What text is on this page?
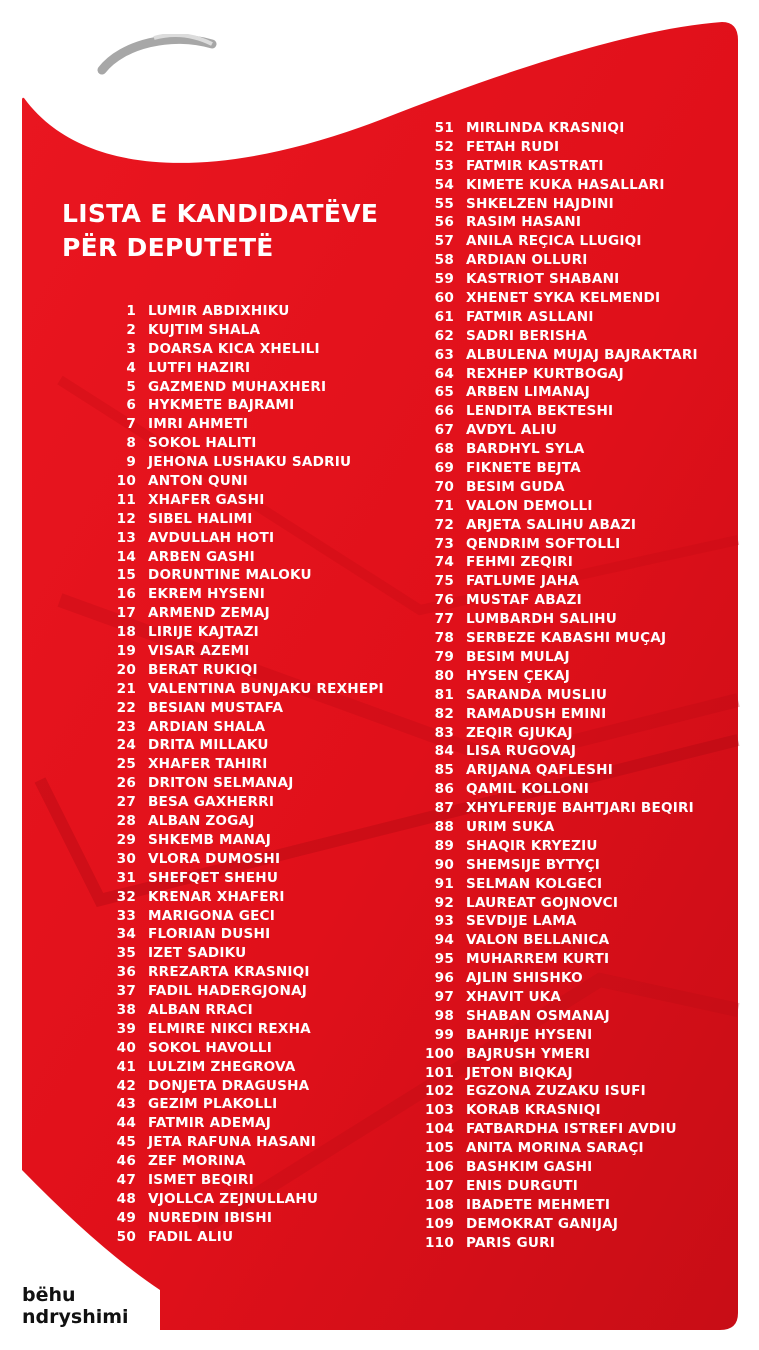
LDK
LISTA E KANDIDATËVE
PËR DEPUTETË
1 LUMIR ABDIXHIKU
2 KUJTIM SHALA
3 DOARSA KICA XHELILI
4 LUTFI HAZIRI
5 GAZMEND MUHAXHERI
6 HYKMETE BAJRAMI
7 IMRI AHMETI
8 SOKOL HALITI
9 JEHONA LUSHAKU SADRIU
10 ANTON QUNI
11 XHAFER GASHI
12 SIBEL HALIMI
13 AVDULLAH HOTI
14 ARBEN GASHI
15 DORUNTINE MALOKU
16 EKREM HYSENI
17 ARMEND ZEMAJ
18 LIRIJE KAJTAZI
19 VISAR AZEMI
20 BERAT RUKIQI
21 VALENTINA BUNJAKU REXHEPI
22 BESIAN MUSTAFA
23 ARDIAN SHALA
24 DRITA MILLAKU
25 XHAFER TAHIRI
26 DRITON SELMANAJ
27 BESA GAXHERRI
28 ALBAN ZOGAJ
29 SHKEMB MANAJ
30 VLORA DUMOSHI
31 SHEFQET SHEHU
32 KRENAR XHAFERI
33 MARIGONA GECI
34 FLORIAN DUSHI
35 IZET SADIKU
36 RREZARTA KRASNIQI
37 FADIL HADERGJONAJ
38 ALBAN RRACI
39 ELMIRE NIKCI REXHA
40 SOKOL HAVOLLI
41 LULZIM ZHEGROVA
42 DONJETA DRAGUSHA
43 GEZIM PLAKOLLI
44 FATMIR ADEMAJ
45 JETA RAFUNA HASANI
46 ZEF MORINA
47 ISMET BEQIRI
48 VJOLLCA ZEJNULLAHU
49 NUREDIN IBISHI
50 FADIL ALIU
51 MIRLINDA KRASNIQI
52 FETAH RUDI
53 FATMIR KASTRATI
54 KIMETE KUKA HASALLARI
55 SHKELZEN HAJDINI
56 RASIM HASANI
57 ANILA REÇICA LLUGIQI
58 ARDIAN OLLURI
59 KASTRIOT SHABANI
60 XHENET SYKA KELMENDI
61 FATMIR ASLLANI
62 SADRI BERISHA
63 ALBULENA MUJAJ BAJRAKTARI
64 REXHEP KURTBOGAJ
65 ARBEN LIMANAJ
66 LENDITA BEKTESHI
67 AVDYL ALIU
68 BARDHYL SYLA
69 FIKNETE BEJTA
70 BESIM GUDA
71 VALON DEMOLLI
72 ARJETA SALIHU ABAZI
73 QENDRIM SOFTOLLI
74 FEHMI ZEQIRI
75 FATLUME JAHA
76 MUSTAF ABAZI
77 LUMBARDH SALIHU
78 SERBEZE KABASHI MUÇAJ
79 BESIM MULAJ
80 HYSEN ÇEKAJ
81 SARANDA MUSLIU
82 RAMADUSH EMINI
83 ZEQIR GJUKAJ
84 LISA RUGOVAJ
85 ARIJANA QAFLESHI
86 QAMIL KOLLONI
87 XHYLFERIJE BAHTJARI BEQIRI
88 URIM SUKA
89 SHAQIR KRYEZIU
90 SHEMSIJE BYTYÇI
91 SELMAN KOLGECI
92 LAUREAT GOJNOVCI
93 SEVDIJE LAMA
94 VALON BELLANICA
95 MUHARREM KURTI
96 AJLIN SHISHKO
97 XHAVIT UKA
98 SHABAN OSMANAJ
99 BAHRIJE HYSENI
100 BAJRUSH YMERI
101 JETON BIQKAJ
102 EGZONA ZUZAKU ISUFI
103 KORAB KRASNIQI
104 FATBARDHA ISTREFI AVDIU
105 ANITA MORINA SARAÇI
106 BASHKIM GASHI
107 ENIS DURGUTI
108 IBADETE MEHMETI
109 DEMOKRAT GANIJAJ
110 PARIS GURI
bëhu
ndryshimi
